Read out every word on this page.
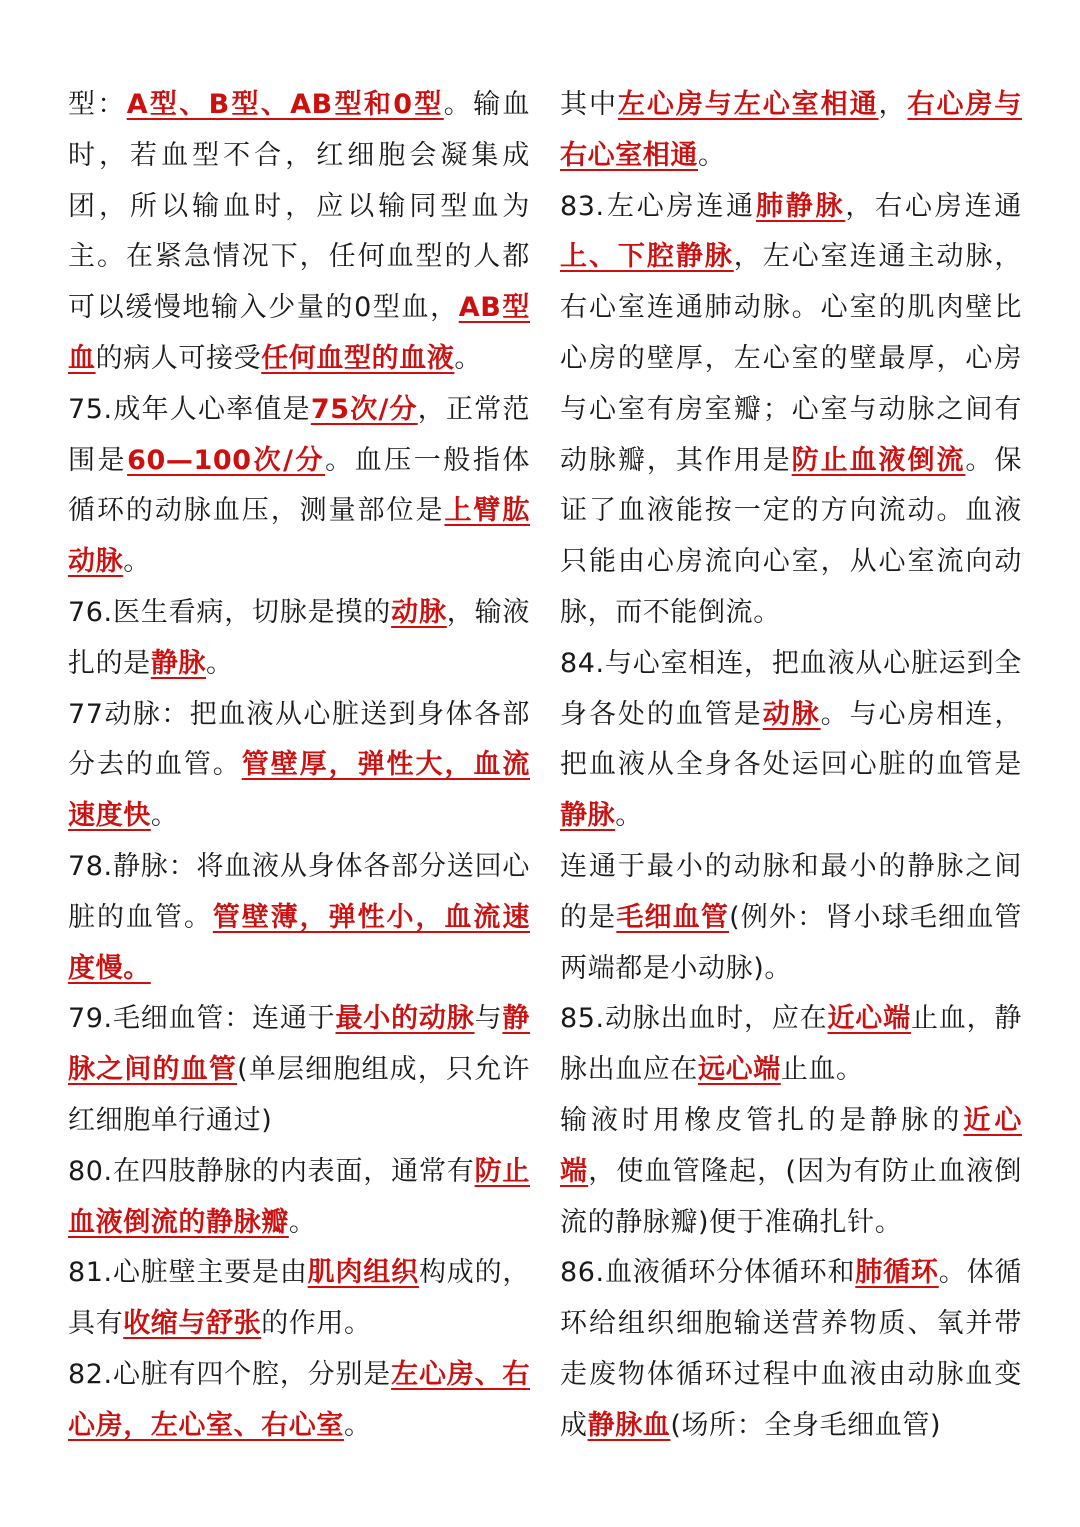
型：A型、B型、AB型和0型。输血时，若血型不合，红细胞会凝集成团，所以输血时，应以输同型血为主。在紧急情况下，任何血型的人都可以缓慢地输入少量的0型血，AB型血的病人可接受任何血型的血液。

75.成年人心率值是75次/分，正常范围是60—100次/分。血压一般指体循环的动脉血压，测量部位是上臂肱动脉。

76.医生看病，切脉是摸的动脉，输液扎的是静脉。

77动脉：把血液从心脏送到身体各部分去的血管。管壁厚，弹性大，血流速度快。

78.静脉：将血液从身体各部分送回心脏的血管。管壁薄，弹性小，血流速度慢。

79.毛细血管：连通于最小的动脉与静脉之间的血管(单层细胞组成，只允许红细胞单行通过)

80.在四肢静脉的内表面，通常有防止血液倒流的静脉瓣。

81.心脏壁主要是由肌肉组织构成的，具有收缩与舒张的作用。

82.心脏有四个腔，分别是左心房、右心房，左心室、右心室。

其中左心房与左心室相通，右心房与右心室相通。

83.左心房连通肺静脉，右心房连通上、下腔静脉，左心室连通主动脉，右心室连通肺动脉。心室的肌肉壁比心房的壁厚，左心室的壁最厚，心房与心室有房室瓣；心室与动脉之间有动脉瓣，其作用是防止血液倒流。保证了血液能按一定的方向流动。血液只能由心房流向心室，从心室流向动脉，而不能倒流。

84.与心室相连，把血液从心脏运到全身各处的血管是动脉。与心房相连，把血液从全身各处运回心脏的血管是静脉。

连通于最小的动脉和最小的静脉之间的是毛细血管(例外：肾小球毛细血管两端都是小动脉)。

85.动脉出血时，应在近心端止血，静脉出血应在远心端止血。

输液时用橡皮管扎的是静脉的近心端，使血管隆起，(因为有防止血液倒流的静脉瓣)便于准确扎针。

86.血液循环分体循环和肺循环。体循环给组织细胞输送营养物质、氧并带走废物体循环过程中血液由动脉血变成静脉血(场所：全身毛细血管)
